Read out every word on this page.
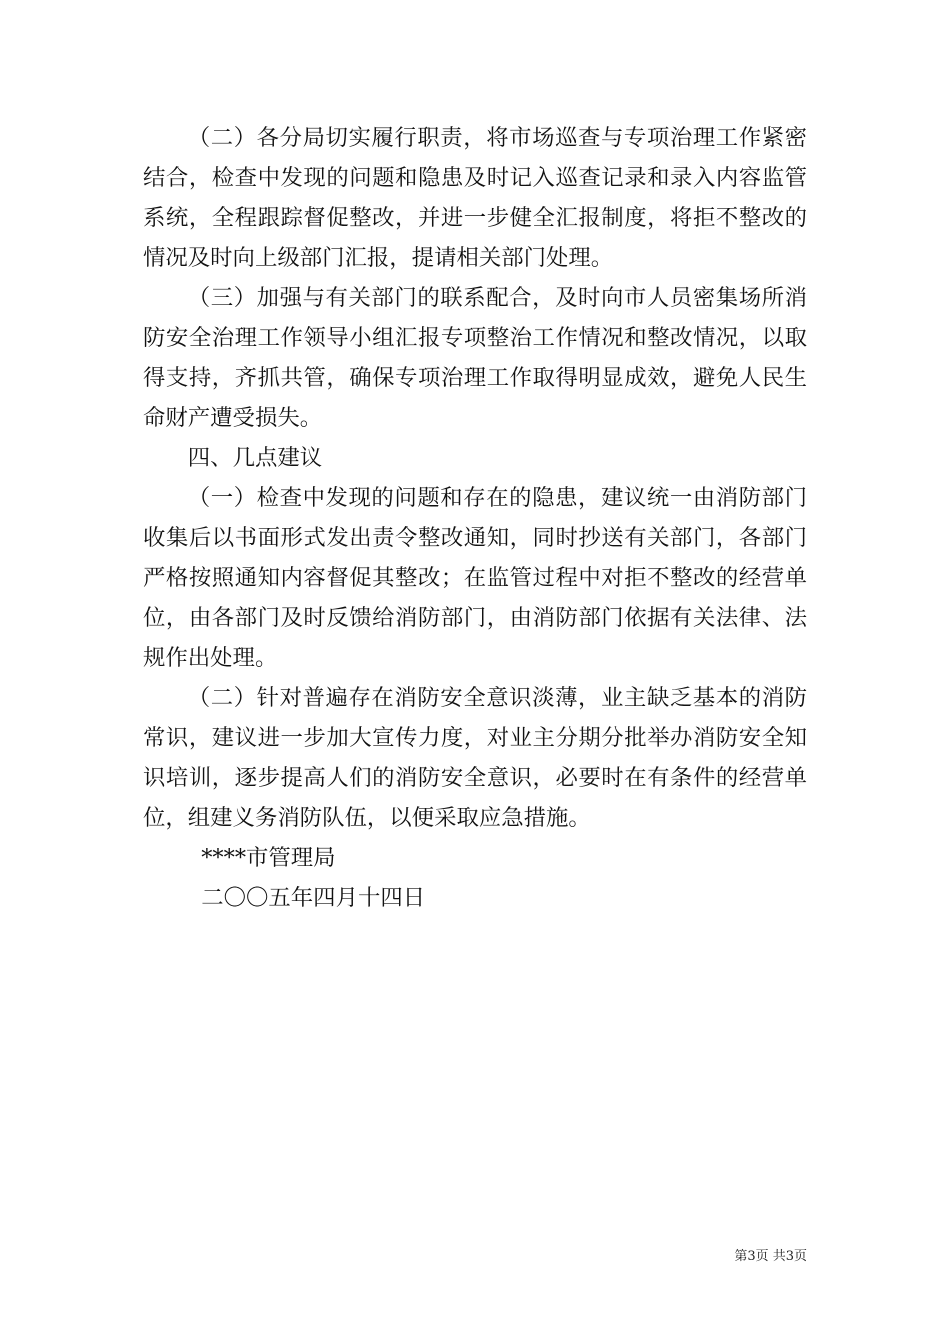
（二）各分局切实履行职责，将市场巡查与专项治理工作紧密结合，检查中发现的问题和隐患及时记入巡查记录和录入内容监管系统，全程跟踪督促整改，并进一步健全汇报制度，将拒不整改的情况及时向上级部门汇报，提请相关部门处理。

（三）加强与有关部门的联系配合，及时向市人员密集场所消防安全治理工作领导小组汇报专项整治工作情况和整改情况，以取得支持，齐抓共管，确保专项治理工作取得明显成效，避免人民生命财产遭受损失。

四、几点建议

（一）检查中发现的问题和存在的隐患，建议统一由消防部门收集后以书面形式发出责令整改通知，同时抄送有关部门，各部门严格按照通知内容督促其整改；在监管过程中对拒不整改的经营单位，由各部门及时反馈给消防部门，由消防部门依据有关法律、法规作出处理。

（二）针对普遍存在消防安全意识淡薄，业主缺乏基本的消防常识，建议进一步加大宣传力度，对业主分期分批举办消防安全知识培训，逐步提高人们的消防安全意识，必要时在有条件的经营单位，组建义务消防队伍，以便采取应急措施。

****市管理局

二〇〇五年四月十四日

第3页 共3页
